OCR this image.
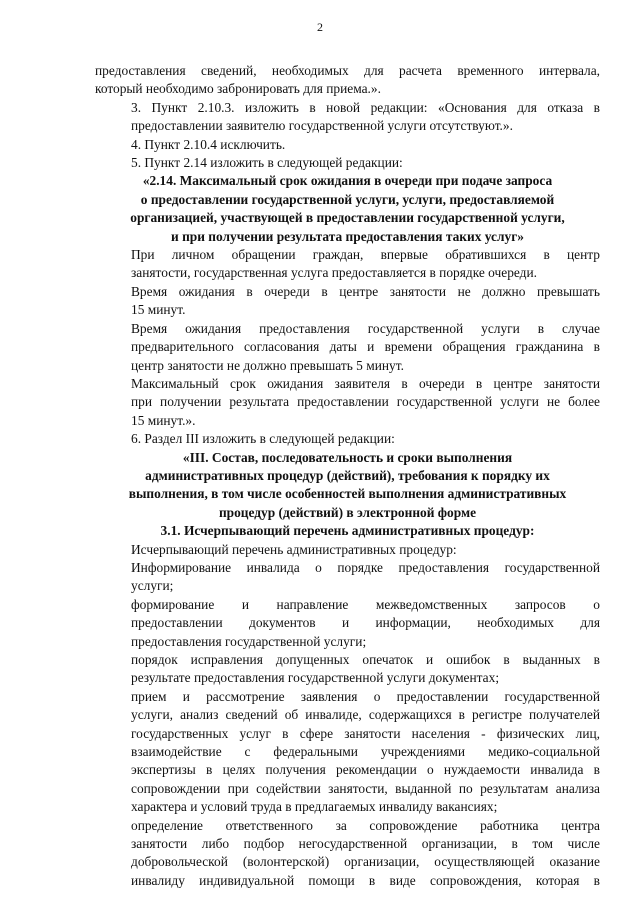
2
предоставления сведений, необходимых для расчета временного интервала,
который необходимо забронировать для приема.».
3. Пункт 2.10.3. изложить в новой редакции: «Основания для отказа в
предоставлении заявителю государственной услуги отсутствуют.».
4. Пункт 2.10.4 исключить.
5. Пункт 2.14 изложить в следующей редакции:
«2.14. Максимальный срок ожидания в очереди при подаче запроса
о предоставлении государственной услуги, услуги, предоставляемой
организацией, участвующей в предоставлении государственной услуги,
и при получении результата предоставления таких услуг»
При личном обращении граждан, впервые обратившихся в центр
занятости, государственная услуга предоставляется в порядке очереди.
Время ожидания в очереди в центре занятости не должно превышать
15 минут.
Время ожидания предоставления государственной услуги в случае
предварительного согласования даты и времени обращения гражданина в
центр занятости не должно превышать 5 минут.
Максимальный срок ожидания заявителя в очереди в центре занятости
при получении результата предоставлении государственной услуги не более
15 минут.».
6. Раздел III изложить в следующей редакции:
«III. Состав, последовательность и сроки выполнения
административных процедур (действий), требования к порядку их
выполнения, в том числе особенностей выполнения административных
процедур (действий) в электронной форме
3.1. Исчерпывающий перечень административных процедур:
Исчерпывающий перечень административных процедур:
Информирование инвалида о порядке предоставления государственной
услуги;
формирование и направление межведомственных запросов о
предоставлении документов и информации, необходимых для
предоставления государственной услуги;
порядок исправления допущенных опечаток и ошибок в выданных в
результате предоставления государственной услуги документах;
прием и рассмотрение заявления о предоставлении государственной
услуги, анализ сведений об инвалиде, содержащихся в регистре получателей
государственных услуг в сфере занятости населения - физических лиц,
взаимодействие с федеральными учреждениями медико-социальной
экспертизы в целях получения рекомендации о нуждаемости инвалида в
сопровождении при содействии занятости, выданной по результатам анализа
характера и условий труда в предлагаемых инвалиду вакансиях;
определение ответственного за сопровождение работника центра
занятости либо подбор негосударственной организации, в том числе
добровольческой (волонтерской) организации, осуществляющей оказание
инвалиду индивидуальной помощи в виде сопровождения, которая в
